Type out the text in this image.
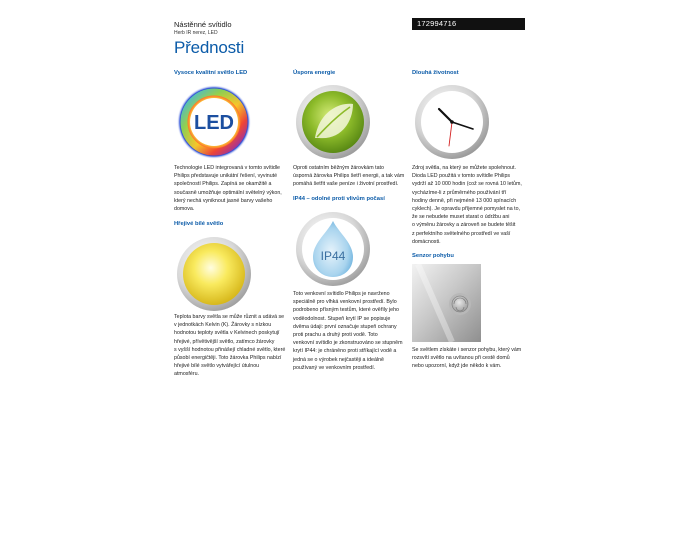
Nástěnné svítidlo
Herb IR nerez, LED
172994716
Přednosti
Vysoce kvalitní světlo LED
LED
Technologie LED integrovaná v tomto svítidle
Philips představuje unikátní řešení, vyvinuté
společností Philips. Zapíná se okamžitě a
současně umožňuje optimální světelný výkon,
který nechá vyniknout jasné barvy vašeho
domova.
Hřejivé bílé světlo
Teplota barvy světla se může různit a udává se
v jednotkách Kelvin (K). Žárovky s nízkou
hodnotou teploty světla v Kelvinech poskytují
hřejivé, přívětivější světlo, zatímco žárovky
s vyšší hodnotou přinášejí chladné světlo, které
působí energičtěji. Toto žárovka Philips nabízí
hřejivé bílé světlo vytvářející útulnou
atmosféru.
Úspora energie
Oproti ostatním běžným žárovkám tato
úsporná žárovka Philips šetří energii, a tak vám
pomáhá šetřit vaše peníze i životní prostředí.
IP44 – odolné proti vlivům počasí
IP44
Toto venkovní svítidlo Philips je navrženo
speciálně pro vlhká venkovní prostředí. Bylo
podrobeno přísným testům, které ověřily jeho
voděodolnost. Stupeň krytí IP se popisuje
dvěma údaji: první označuje stupeň ochrany
proti prachu a druhý proti vodě. Toto
venkovní svítidlo je zkonstruováno se stupněm
krytí IP44: je chráněno proti stříkající vodě a
jedná se o výrobek nejčastěji a ideálně
používaný ve venkovním prostředí.
Dlouhá životnost
Zdroj světla, na který se můžete spolehnout.
Dioda LED použitá v tomto svítidle Philips
vydrží až 10 000 hodin (což se rovná 10 letům,
vycházíme-li z průměrného používání tří
hodiny denně, při nejméně 13 000 spínacích
cyklech). Je opravdu příjemné pomyslet na to,
že se nebudete muset starat o údržbu ani
o výměnu žárovky a zároveň se budete těšit
z perfektního světelného prostředí ve vaší
domácnosti.
Senzor pohybu
Se světlem získáte i senzor pohybu, který vám
rozsvítí světlo na uvítanou při cestě domů
nebo upozorní, když jde někdo k vám.
